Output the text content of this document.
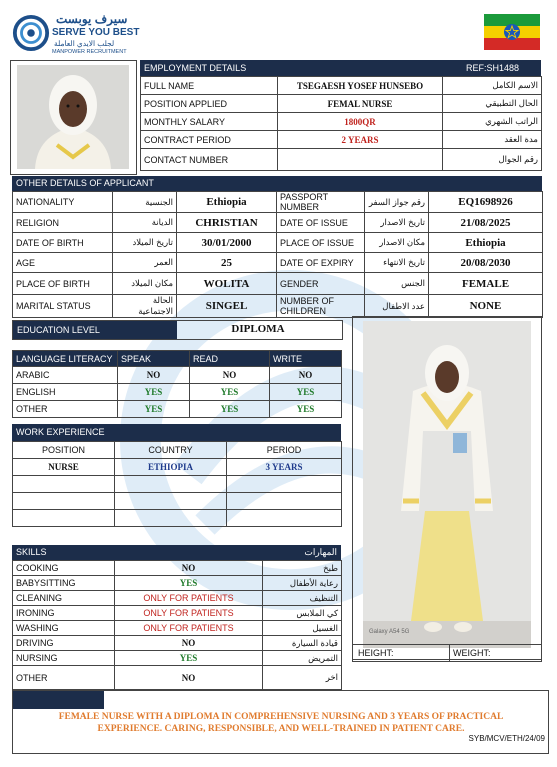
سيرف يوبست
SERVE YOU BEST
لجلب الايدي العاملة
MANPOWER RECRUITMENT
EMPLOYMENT DETAILS	REF:SH1488
FULL NAME	TSEGAESH YOSEF HUNSEBO	الاسم الكامل
POSITION APPLIED	FEMAL NURSE	الحال التطبيقي
MONTHLY SALARY	1800QR	الراتب الشهري
CONTRACT PERIOD	2 YEARS	مدة العقد
CONTACT NUMBER		رقم الجوال
OTHER DETAILS OF APPLICANT
NATIONALITY	الجنسية	Ethiopia	PASSPORT NUMBER	رقم جواز السفر	EQ1698926
RELIGION	الديانة	CHRISTIAN	DATE OF ISSUE	تاريخ الاصدار	21/08/2025
DATE OF BIRTH	تاريخ الميلاد	30/01/2000	PLACE OF ISSUE	مكان الاصدار	Ethiopia
AGE	العمر	25	DATE OF EXPIRY	تاريخ الانتهاء	20/08/2030
PLACE OF BIRTH	مكان الميلاد	WOLITA	GENDER	الجنس	FEMALE
MARITAL STATUS	الحالة الاجتماعية	SINGEL	NUMBER OF CHILDREN	عدد الاطفال	NONE
EDUCATION LEVEL	DIPLOMA
LANGUAGE LITERACY	SPEAK	READ	WRITE
ARABIC	NO	NO	NO
ENGLISH	YES	YES	YES
OTHER	YES	YES	YES
WORK EXPERIENCE
POSITION	COUNTRY	PERIOD
NURSE	ETHIOPIA	3 YEARS

SKILLS	المهارات
COOKING	NO	طبخ
BABYSITTING	YES	رعاية الأطفال
CLEANING	ONLY FOR PATIENTS	التنظيف
IRONING	ONLY FOR PATIENTS	كي الملابس
WASHING	ONLY FOR PATIENTS	الغسيل
DRIVING	NO	قيادة السيارة
NURSING	YES	التمريض
OTHER	NO	اخر
Galaxy A54 5G
HEIGHT:	WEIGHT:
FEMALE NURSE WITH A DIPLOMA IN COMPREHENSIVE NURSING AND 3 YEARS OF PRACTICAL EXPERIENCE. CARING, RESPONSIBLE, AND WELL-TRAINED IN PATIENT CARE.
SYB/MCV/ETH/24/09
